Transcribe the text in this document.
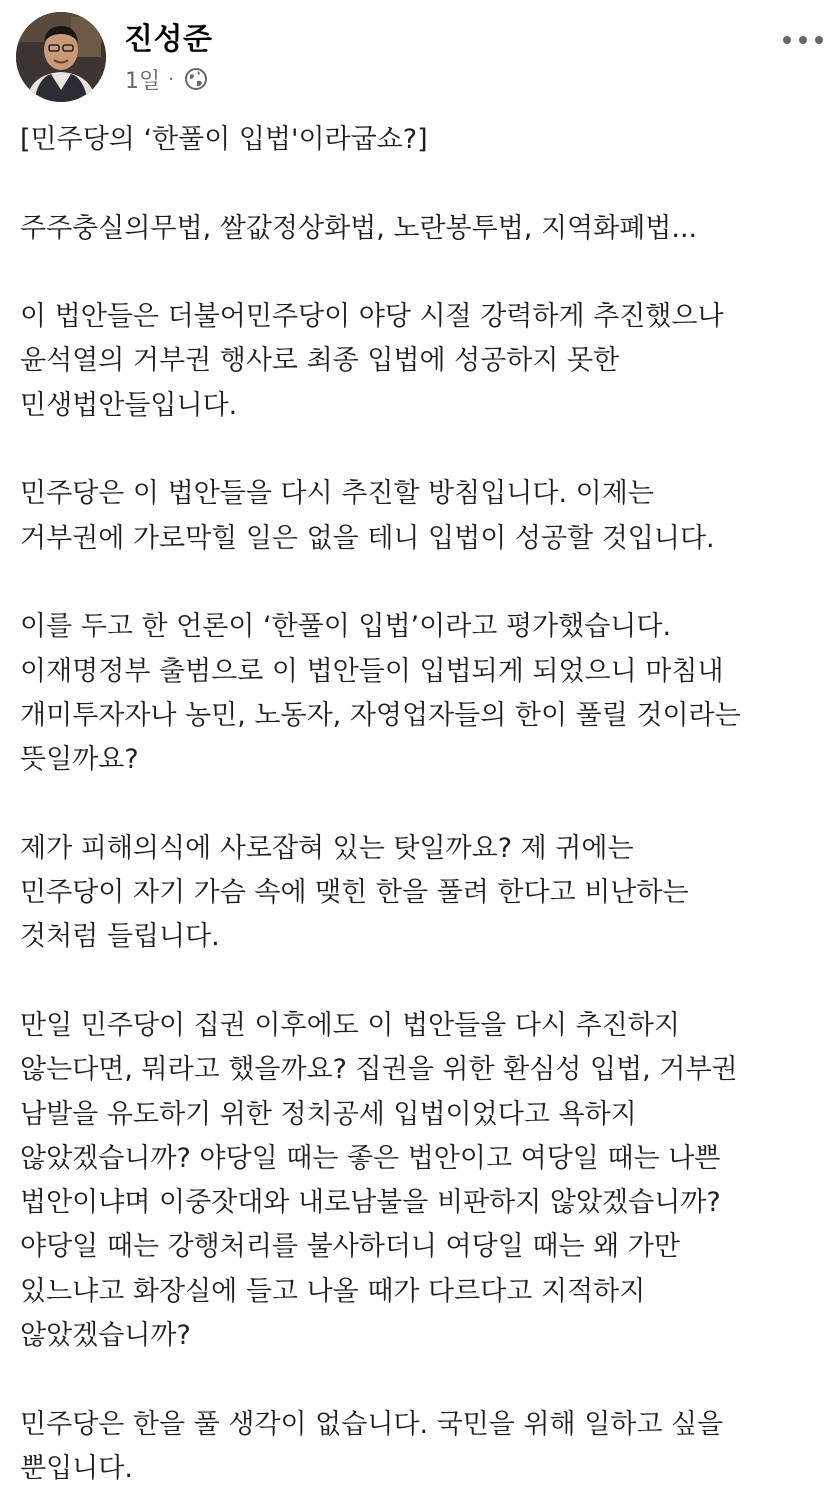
진성준
1일 ·

[민주당의 ‘한풀이 입법'이라굽쇼?]

주주충실의무법, 쌀값정상화법, 노란봉투법, 지역화폐법...

이 법안들은 더불어민주당이 야당 시절 강력하게 추진했으나

윤석열의 거부권 행사로 최종 입법에 성공하지 못한

민생법안들입니다.

민주당은 이 법안들을 다시 추진할 방침입니다. 이제는

거부권에 가로막힐 일은 없을 테니 입법이 성공할 것입니다.

이를 두고 한 언론이 ‘한풀이 입법’이라고 평가했습니다.

이재명정부 출범으로 이 법안들이 입법되게 되었으니 마침내

개미투자자나 농민, 노동자, 자영업자들의 한이 풀릴 것이라는

뜻일까요?

제가 피해의식에 사로잡혀 있는 탓일까요? 제 귀에는

민주당이 자기 가슴 속에 맺힌 한을 풀려 한다고 비난하는

것처럼 들립니다.

만일 민주당이 집권 이후에도 이 법안들을 다시 추진하지

않는다면, 뭐라고 했을까요? 집권을 위한 환심성 입법, 거부권

남발을 유도하기 위한 정치공세 입법이었다고 욕하지

않았겠습니까? 야당일 때는 좋은 법안이고 여당일 때는 나쁜

법안이냐며 이중잣대와 내로남불을 비판하지 않았겠습니까?

야당일 때는 강행처리를 불사하더니 여당일 때는 왜 가만

있느냐고 화장실에 들고 나올 때가 다르다고 지적하지

않았겠습니까?

민주당은 한을 풀 생각이 없습니다. 국민을 위해 일하고 싶을

뿐입니다.
